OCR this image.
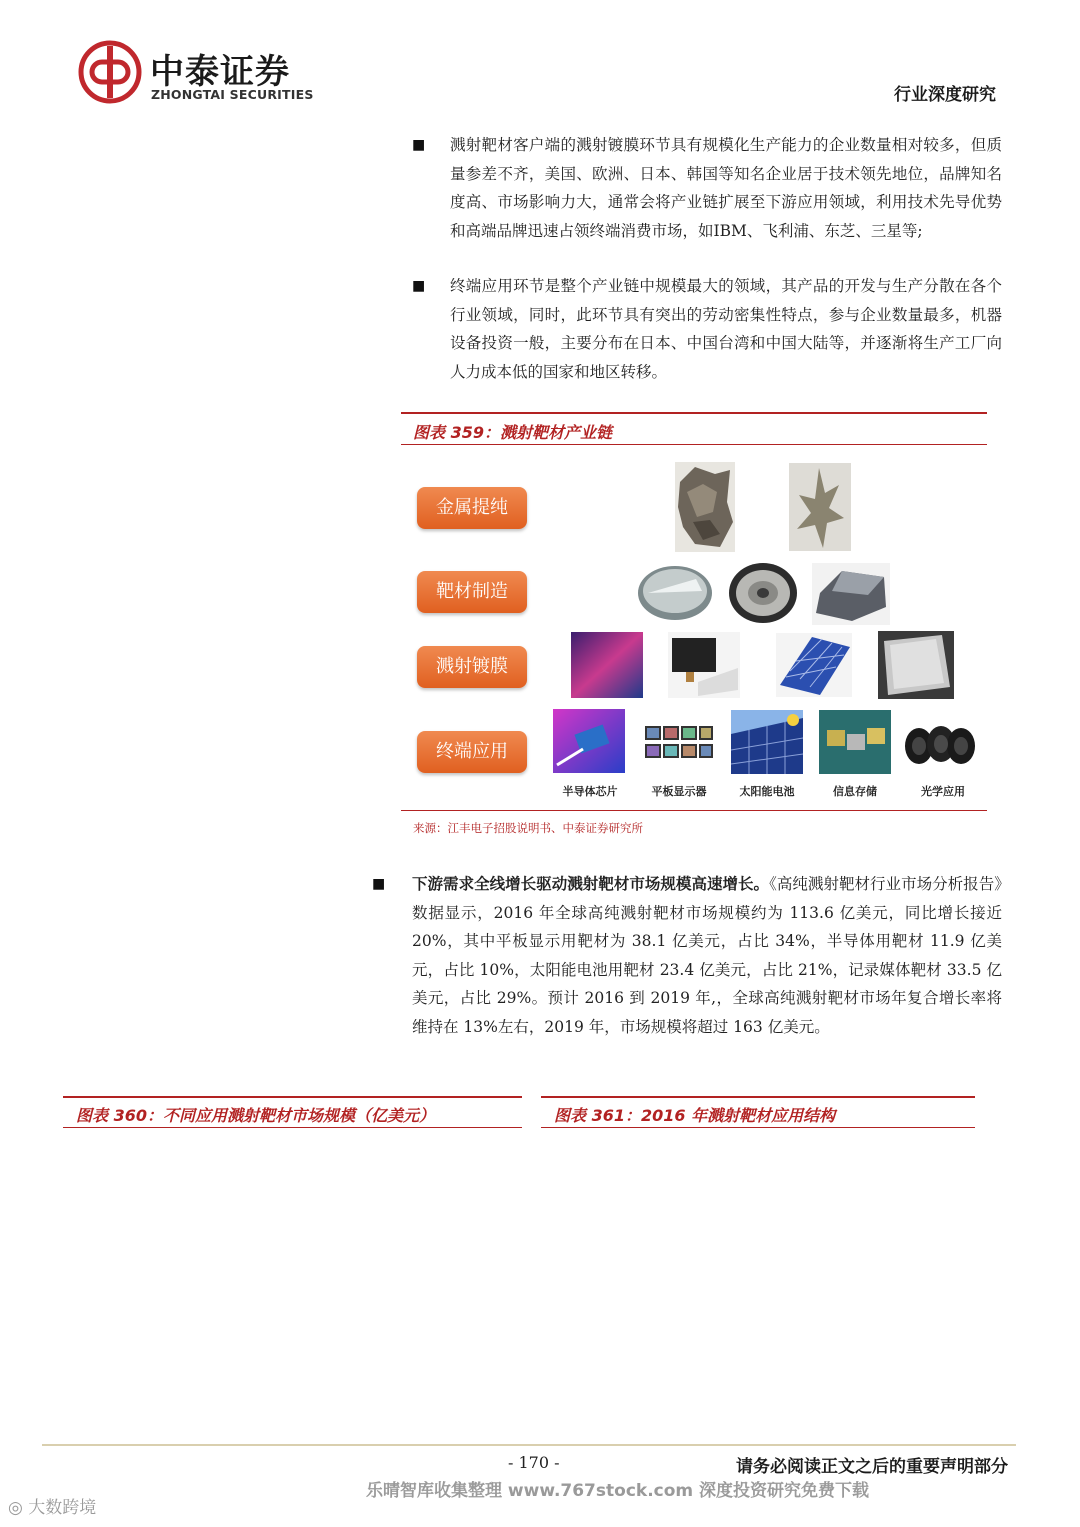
中泰证券
ZHONGTAI SECURITIES	行业深度研究
■ 溅射靶材客户端的溅射镀膜环节具有规模化生产能力的企业数量相对较多，但质量参差不齐，美国、欧洲、日本、韩国等知名企业居于技术领先地位，品牌知名度高、市场影响力大，通常会将产业链扩展至下游应用领域，利用技术先导优势和高端品牌迅速占领终端消费市场，如IBM、飞利浦、东芝、三星等;
■ 终端应用环节是整个产业链中规模最大的领域，其产品的开发与生产分散在各个行业领域，同时，此环节具有突出的劳动密集性特点，参与企业数量最多，机器设备投资一般，主要分布在日本、中国台湾和中国大陆等，并逐渐将生产工厂向人力成本低的国家和地区转移。
图表 359：溅射靶材产业链
金属提纯
靶材制造
溅射镀膜
终端应用
半导体芯片	平板显示器	太阳能电池	信息存储	光学应用
来源：江丰电子招股说明书、中泰证券研究所
■ 下游需求全线增长驱动溅射靶材市场规模高速增长。《高纯溅射靶材行业市场分析报告》数据显示，2016 年全球高纯溅射靶材市场规模约为 113.6 亿美元，同比增长接近 20%，其中平板显示用靶材为 38.1 亿美元，占比 34%，半导体用靶材 11.9 亿美元，占比 10%，太阳能电池用靶材 23.4 亿美元，占比 21%，记录媒体靶材 33.5 亿美元，占比 29%。预计 2016 到 2019 年,，全球高纯溅射靶材市场年复合增长率将维持在 13%左右，2019 年，市场规模将超过 163 亿美元。
图表 360：不同应用溅射靶材市场规模（亿美元）	图表 361：2016 年溅射靶材应用结构
- 170 -	请务必阅读正文之后的重要声明部分
乐晴智库收集整理 www.767stock.com 深度投资研究免费下载
◎ 大数跨境
